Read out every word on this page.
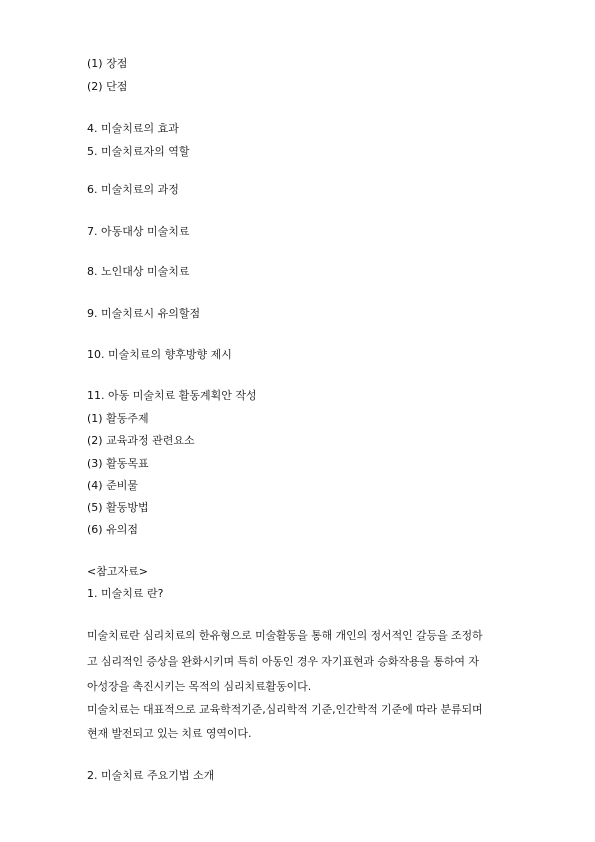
(1) 장점
(2) 단점
4. 미술치료의 효과
5. 미술치료자의 역할
6. 미술치료의 과정
7. 아동대상 미술치료
8. 노인대상 미술치료
9. 미술치료시 유의할점
10. 미술치료의 향후방향 제시
11. 아동 미술치료 활동계획안 작성
(1) 활동주제
(2) 교육과정 관련요소
(3) 활동목표
(4) 준비물
(5) 활동방법
(6) 유의점
<참고자료>
1. 미술치료 란?
미술치료란 심리치료의 한유형으로 미술활동을 통해 개인의 정서적인 갈등을 조정하
고 심리적인 증상을 완화시키며 특히 아동인 경우 자기표현과 승화작용을 통하여 자
아성장을 촉진시키는 목적의 심리치료활동이다.
미술치료는 대표적으로 교육학적기준,심리학적 기준,인간학적 기준에 따라 분류되며
현재 발전되고 있는 치료 영역이다.
2. 미술치료 주요기법 소개
